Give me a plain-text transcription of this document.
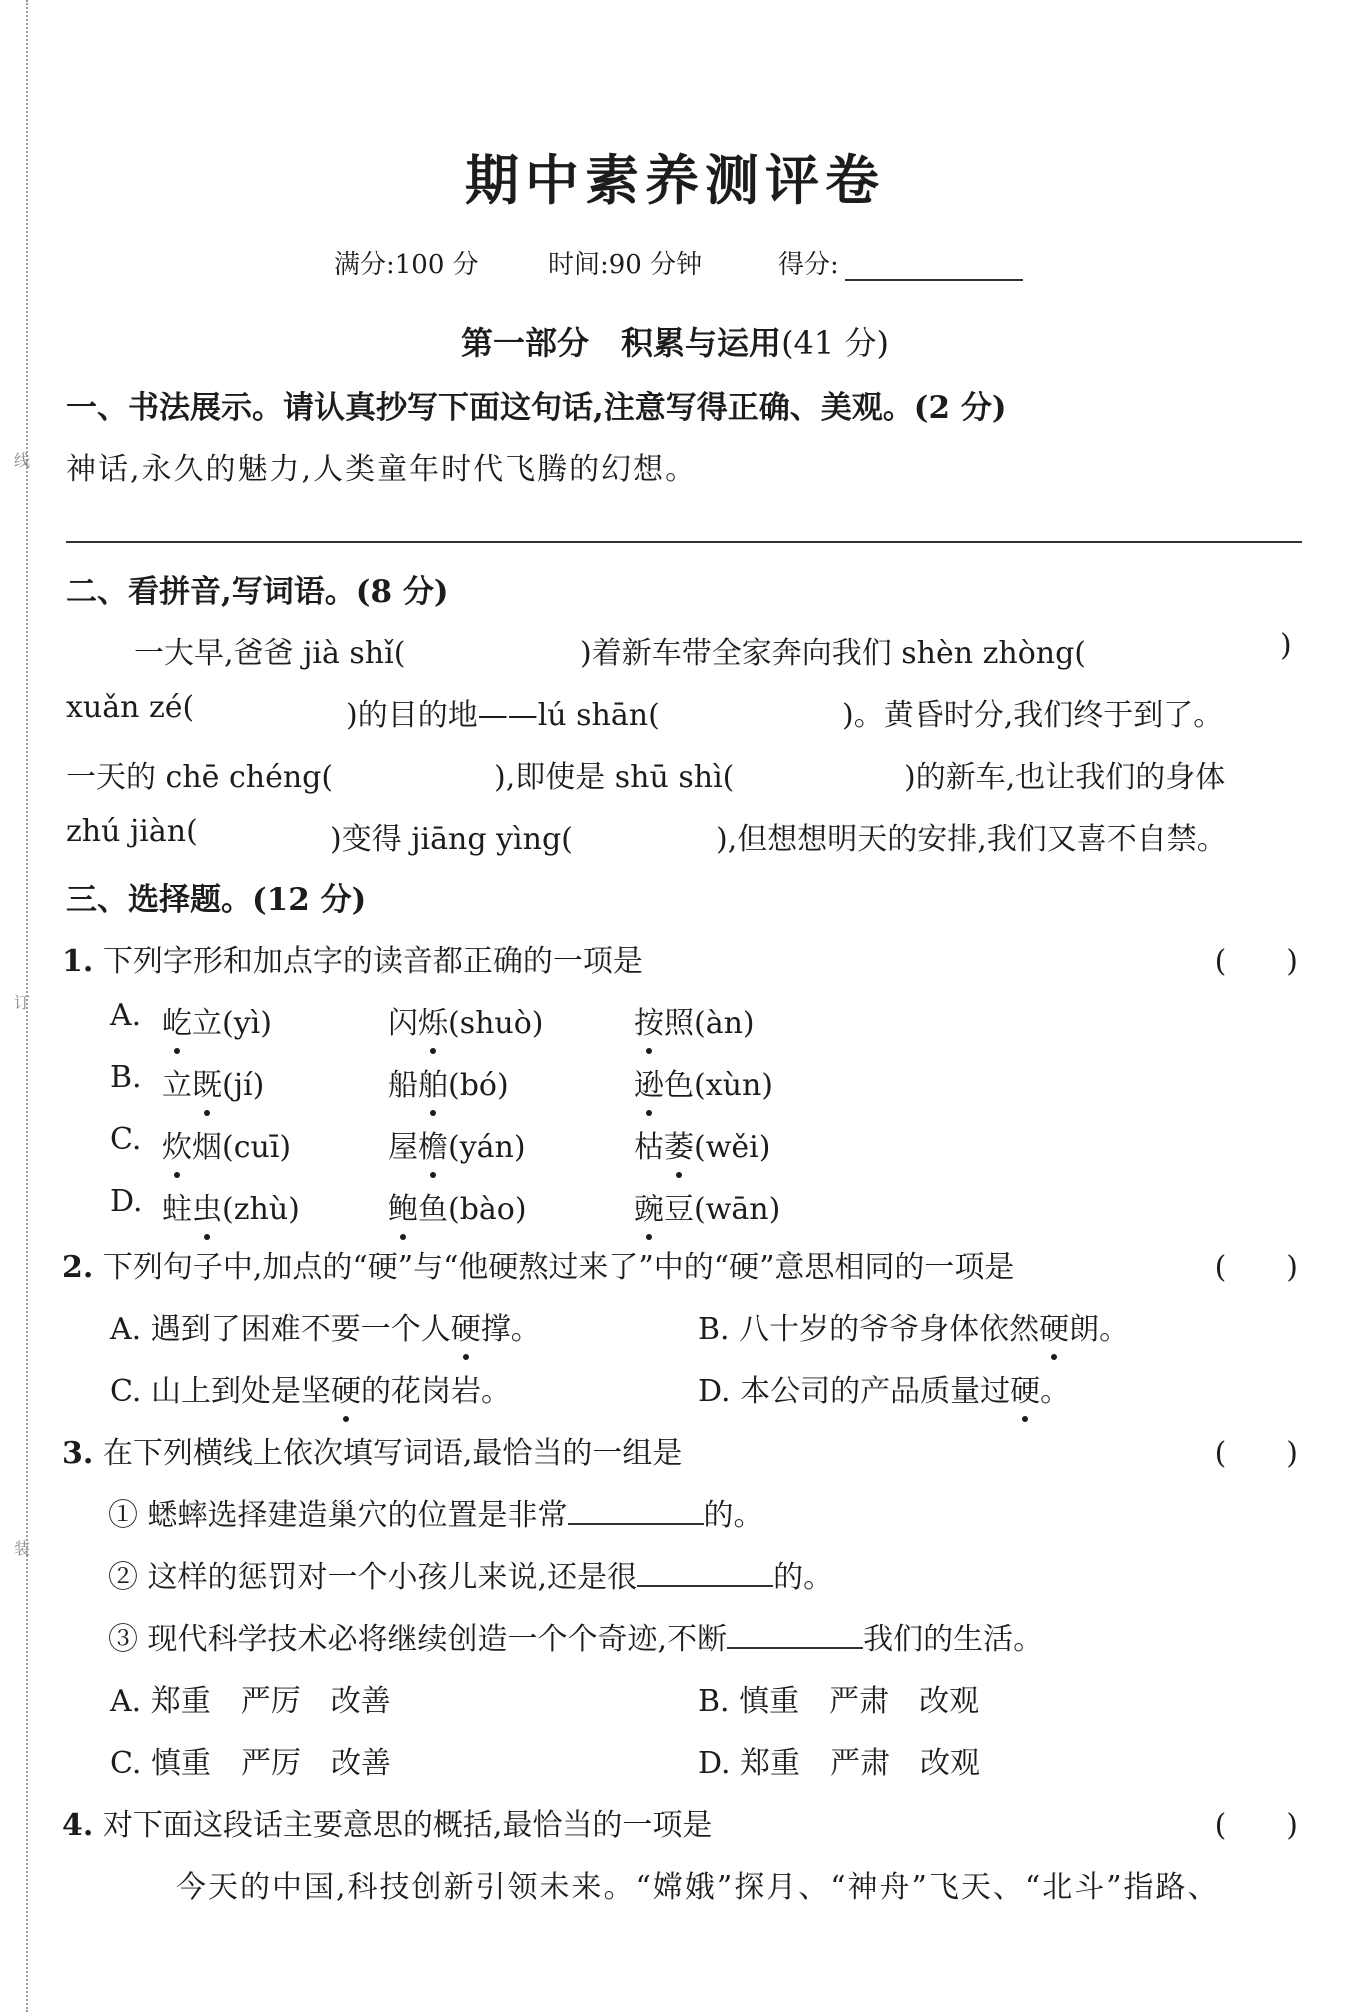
线
订
装
期中素养测评卷
满分:100 分	时间:90 分钟	得分:
第一部分　积累与运用(41 分)
一、书法展示。请认真抄写下面这句话,注意写得正确、美观。(2 分)
神话,永久的魅力,人类童年时代飞腾的幻想。
二、看拼音,写词语。(8 分)
一大早,爸爸 jià shǐ(	)着新车带全家奔向我们 shèn zhòng(	)
xuǎn zé(	)的目的地——lú shān(	)。黄昏时分,我们终于到了。
一天的 chē chéng(	),即使是 shū shì(	)的新车,也让我们的身体
zhú jiàn(	)变得 jiāng yìng(	),但想想明天的安排,我们又喜不自禁。
三、选择题。(12 分)
1. 下列字形和加点字的读音都正确的一项是	(　　)
A. 屹立(yì)	闪烁(shuò)	按照(àn)
B. 立既(jí)	船舶(bó)	逊色(xùn)
C. 炊烟(cuī)	屋檐(yán)	枯萎(wěi)
D. 蛀虫(zhù)	鲍鱼(bào)	豌豆(wān)
2. 下列句子中,加点的“硬”与“他硬熬过来了”中的“硬”意思相同的一项是	(　　)
A. 遇到了困难不要一个人硬撑。	B. 八十岁的爷爷身体依然硬朗。
C. 山上到处是坚硬的花岗岩。	D. 本公司的产品质量过硬。
3. 在下列横线上依次填写词语,最恰当的一组是	(　　)
① 蟋蟀选择建造巢穴的位置是非常	的。
② 这样的惩罚对一个小孩儿来说,还是很	的。
③ 现代科学技术必将继续创造一个个奇迹,不断	我们的生活。
A. 郑重　严厉　改善	B. 慎重　严肃　改观
C. 慎重　严厉　改善	D. 郑重　严肃　改观
4. 对下面这段话主要意思的概括,最恰当的一项是	(　　)
今天的中国,科技创新引领未来。“嫦娥”探月、“神舟”飞天、“北斗”指路、
